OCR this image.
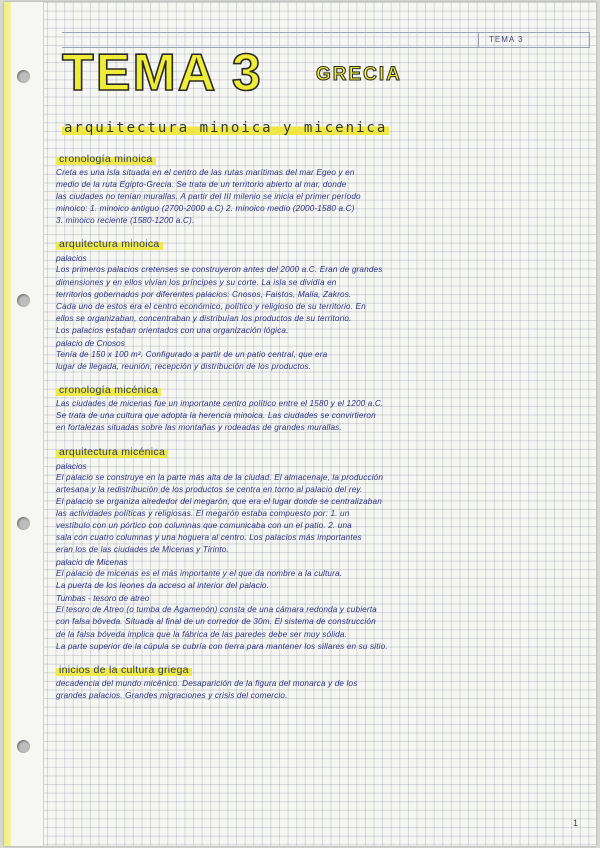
TEMA 3
TEMA 3	GRECIA
arquitectura minoica y micenica
cronología minoica
Creta es una isla situada en el centro de las rutas marítimas del mar Egeo y en
medio de la ruta Egipto-Grecia. Se trata de un territorio abierto al mar, donde
las ciudades no tenían murallas. A partir del III milenio se inicia el primer período
minoico: 1. minoico antiguo (2700-2000 a.C) 2. minoico medio (2000-1580 a.C)
3. minoico reciente (1580-1200 a.C).
arquitectura minoica
palacios
Los primeros palacios cretenses se construyeron antes del 2000 a.C. Eran de grandes
dimensiones y en ellos vivían los príncipes y su corte. La isla se dividía en
territorios gobernados por diferentes palacios: Cnosos, Faistos, Malia, Zakros.
Cada uno de estos era el centro económico, político y religioso de su territorio. En
ellos se organizaban, concentraban y distribuían los productos de su territorio.
Los palacios estaban orientados con una organización lógica.
palacio de Cnosos
Tenía de 150 x 100 m². Configurado a partir de un patio central, que era
lugar de llegada, reunión, recepción y distribución de los productos.
cronología micénica
Las ciudades de micenas fue un importante centro político entre el 1580 y el 1200 a.C.
Se trata de una cultura que adopta la herencia minoica. Las ciudades se convirtieron
en fortalezas situadas sobre las montañas y rodeadas de grandes murallas.
arquitectura micénica
palacios
El palacio se construye en la parte más alta de la ciudad. El almacenaje, la producción
artesana y la redistribución de los productos se centra en torno al palacio del rey.
El palacio se organiza alrededor del megarón, que era el lugar donde se centralizaban
las actividades políticas y religiosas. El megarón estaba compuesto por: 1. un
vestíbulo con un pórtico con columnas que comunicaba con un el patio. 2. una
sala con cuatro columnas y una hoguera al centro. Los palacios más importantes
eran los de las ciudades de Micenas y Tirinto.
palacio de Micenas
El palacio de micenas es el más importante y el que da nombre a la cultura.
La puerta de los leones da acceso al interior del palacio.
Tumbas - tesoro de atreo
El tesoro de Atreo (o tumba de Agamenón) consta de una cámara redonda y cubierta
con falsa bóveda. Situada al final de un corredor de 30m. El sistema de construcción
de la falsa bóveda implica que la fábrica de las paredes debe ser muy sólida.
La parte superior de la cúpula se cubría con tierra para mantener los sillares en su sitio.
inicios de la cultura griega
decadencia del mundo micénico. Desaparición de la figura del monarca y de los
grandes palacios. Grandes migraciones y crisis del comercio.
1
